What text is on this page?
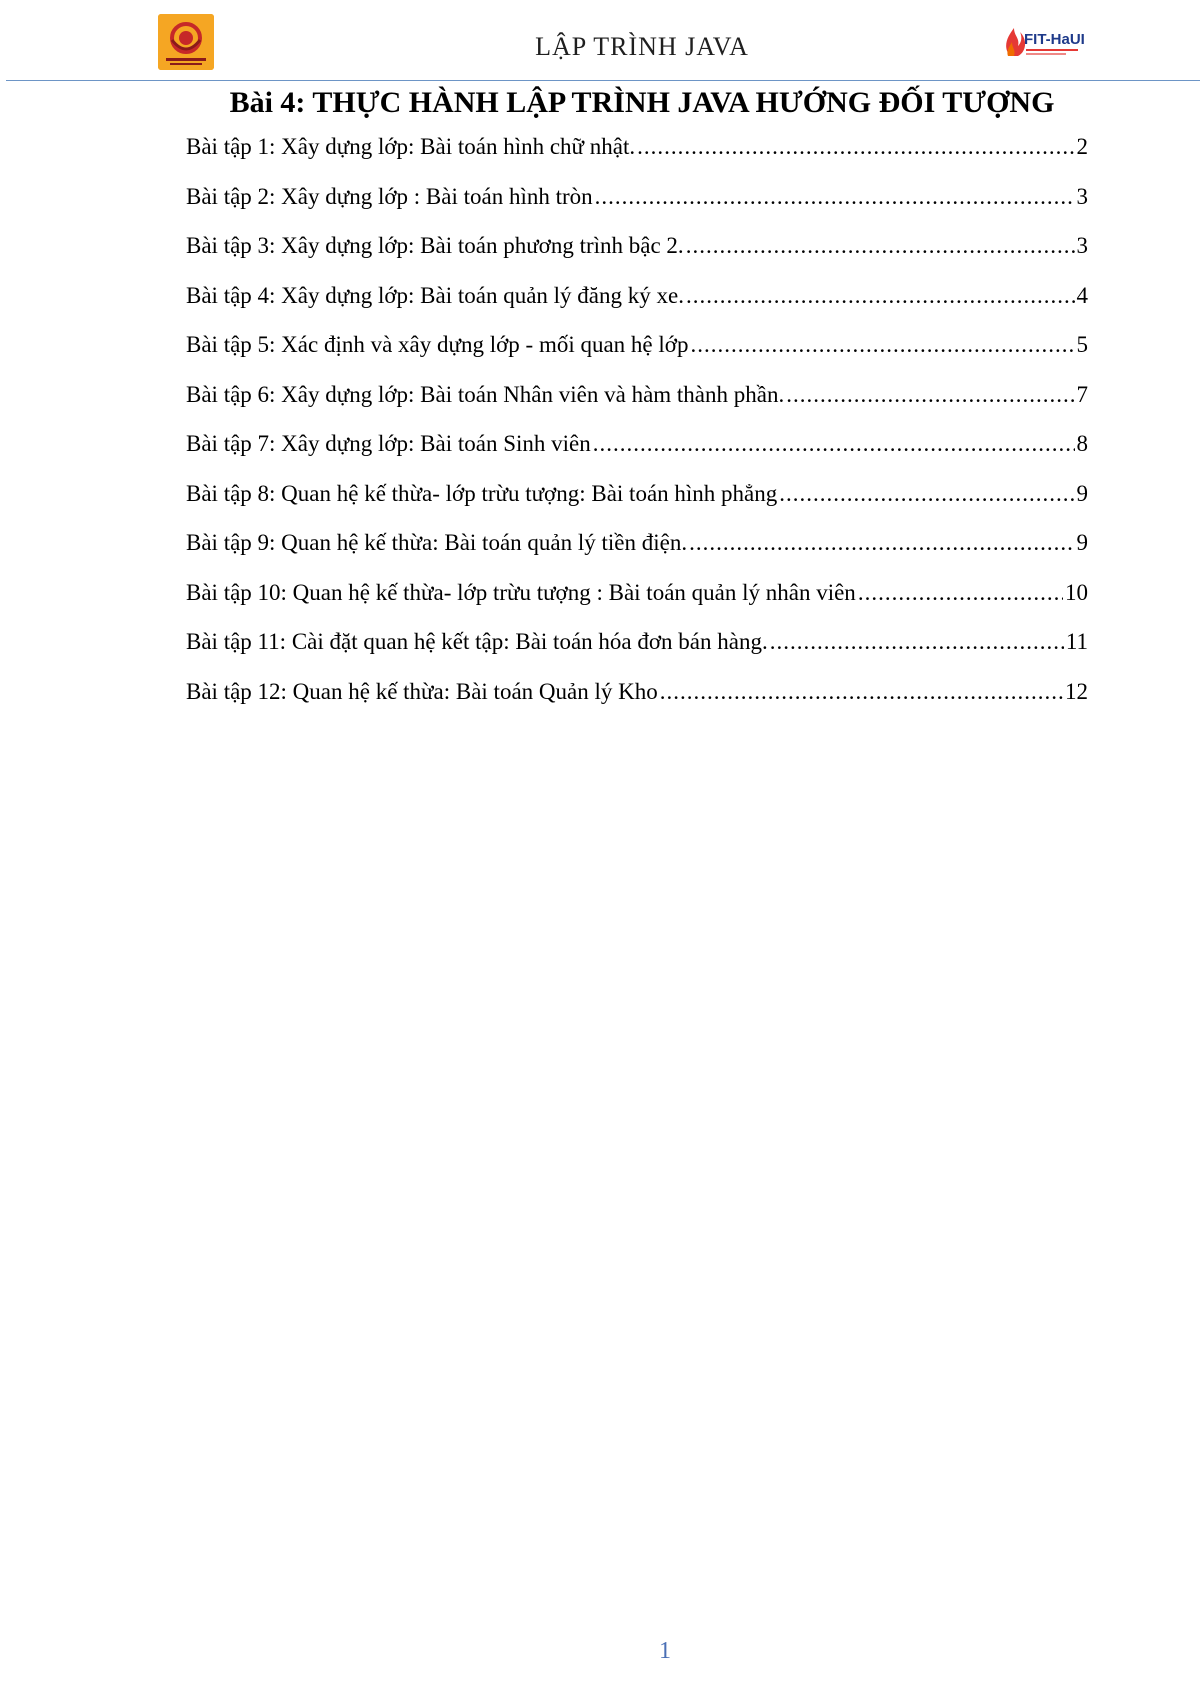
LẬP TRÌNH JAVA	FIT-HaUI
Bài 4: THỰC HÀNH LẬP TRÌNH JAVA HƯỚNG ĐỐI TƯỢNG
Bài tập 1: Xây dựng lớp: Bài toán hình chữ nhật. .....	2
Bài tập 2: Xây dựng lớp : Bài toán hình tròn .....	3
Bài tập 3: Xây dựng lớp: Bài toán phương trình bậc 2. .....	3
Bài tập 4: Xây dựng lớp: Bài toán quản lý đăng ký xe. .....	4
Bài tập 5: Xác định và xây dựng lớp - mối quan hệ lớp .....	5
Bài tập 6: Xây dựng lớp: Bài toán Nhân viên và hàm thành phần. .....	7
Bài tập 7: Xây dựng lớp: Bài toán Sinh viên .....	8
Bài tập 8: Quan hệ kế thừa- lớp trừu tượng: Bài toán hình phẳng .....	9
Bài tập 9: Quan hệ kế thừa: Bài toán quản lý tiền điện. .....	9
Bài tập 10: Quan hệ kế thừa- lớp trừu tượng : Bài toán quản lý nhân viên .....	10
Bài tập 11: Cài đặt quan hệ kết tập: Bài toán hóa đơn bán hàng. .....	11
Bài tập 12: Quan hệ kế thừa: Bài toán Quản lý Kho .....	12
1
